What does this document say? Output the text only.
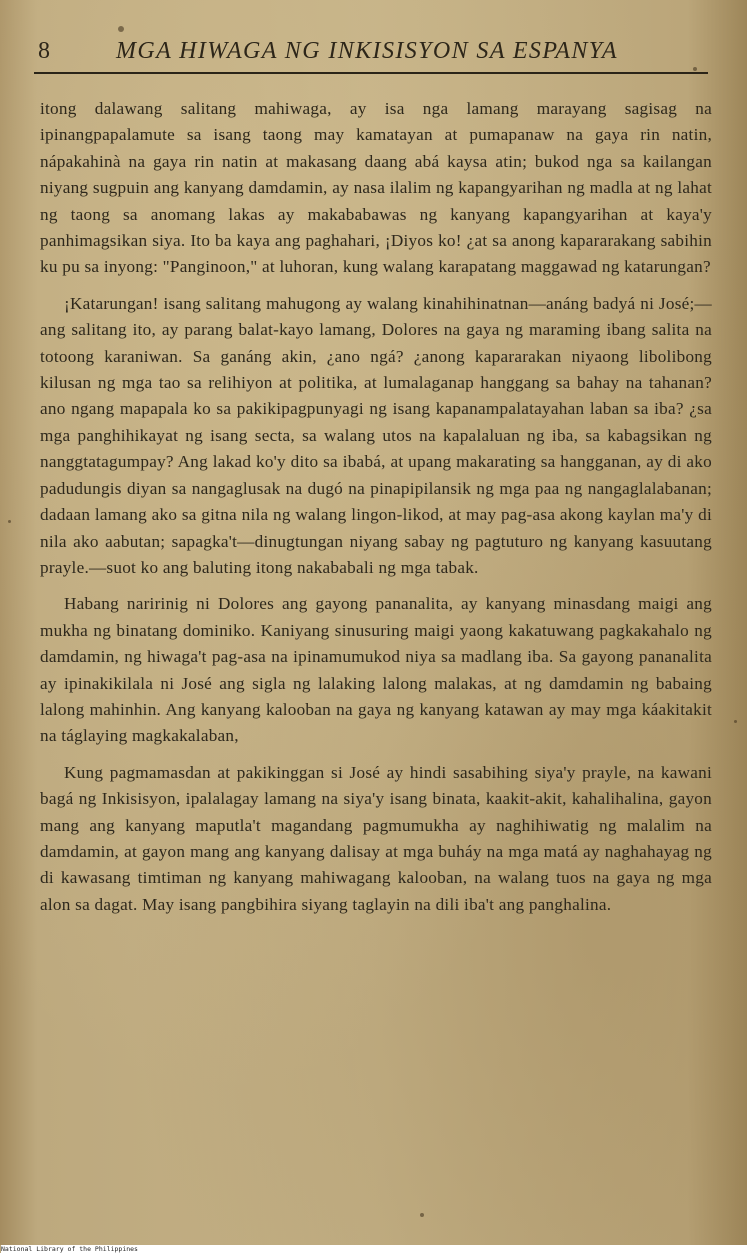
8	MGA HIWAGA NG INKISISYON SA ESPANYA

itong dalawang salitang mahiwaga, ay isa nga lamang marayang sagisag na ipinangpapalamute sa isang taong may kamatayan at pumapanaw na gaya rin natin, nápakahinà na gaya rin natin at makasang daang abá kaysa atin; bukod nga sa kailangan niyang sugpuin ang kanyang damdamin, ay nasa ilalim ng kapangyarihan ng madla at ng lahat ng taong sa anomang lakas ay makababawas ng kanyang kapangyarihan at kaya'y panhimagsikan siya. Ito ba kaya ang paghahari, ¡Diyos ko! ¿at sa anong kapararakang sabihin ku pu sa inyong: "Panginoon," at luhoran, kung walang karapatang maggawad ng katarungan?

¡Katarungan! isang salitang mahugong ay walang kinahihinatnan—anáng badyá ni José;—ang salitang ito, ay parang balat-kayo lamang, Dolores na gaya ng maraming ibang salita na totoong karaniwan. Sa ganáng akin, ¿ano ngá? ¿anong kapararakan niyaong libolibong kilusan ng mga tao sa relihiyon at politika, at lumalaganap hanggang sa bahay na tahanan? ano ngang mapapala ko sa pakikipagpunyagi ng isang kapanampalatayahan laban sa iba? ¿sa mga panghihikayat ng isang secta, sa walang utos na kapalaluan ng iba, sa kabagsikan ng nanggtatagumpay? Ang lakad ko'y dito sa ibabá, at upang makarating sa hangganan, ay di ako padudungis diyan sa nangaglusak na dugó na pinapipilansik ng mga paa ng nangaglalabanan; dadaan lamang ako sa gitna nila ng walang lingon-likod, at may pag-asa akong kaylan ma'y di nila ako aabutan; sapagka't—dinugtungan niyang sabay ng pagtuturo ng kanyang kasuutang prayle.—suot ko ang baluting itong nakababali ng mga tabak.

Habang naririnig ni Dolores ang gayong pananalita, ay kanyang minasdang maigi ang mukha ng binatang dominiko. Kaniyang sinusuring maigi yaong kakatuwang pagkakahalo ng damdamin, ng hiwaga't pag-asa na ipinamumukod niya sa madlang iba. Sa gayong pananalita ay ipinakikilala ni José ang sigla ng lalaking lalong malakas, at ng damdamin ng babaing lalong mahinhin. Ang kanyang kalooban na gaya ng kanyang katawan ay may mga káakitakit na táglaying magkakalaban,

Kung pagmamasdan at pakikinggan si José ay hindi sasabihing siya'y prayle, na kawani bagá ng Inkisisyon, ipalalagay lamang na siya'y isang binata, kaakit-akit, kahalihalina, gayon mang ang kanyang maputla't magandang pagmumukha ay naghihiwatig ng malalim na damdamin, at gayon mang ang kanyang dalisay at mga buháy na mga matá ay naghahayag ng di kawasang timtiman ng kanyang mahiwagang kalooban, na walang tuos na gaya ng mga alon sa dagat. May isang pangbihira siyang taglayin na dili iba't ang panghalina.

National Library of the Philippines
